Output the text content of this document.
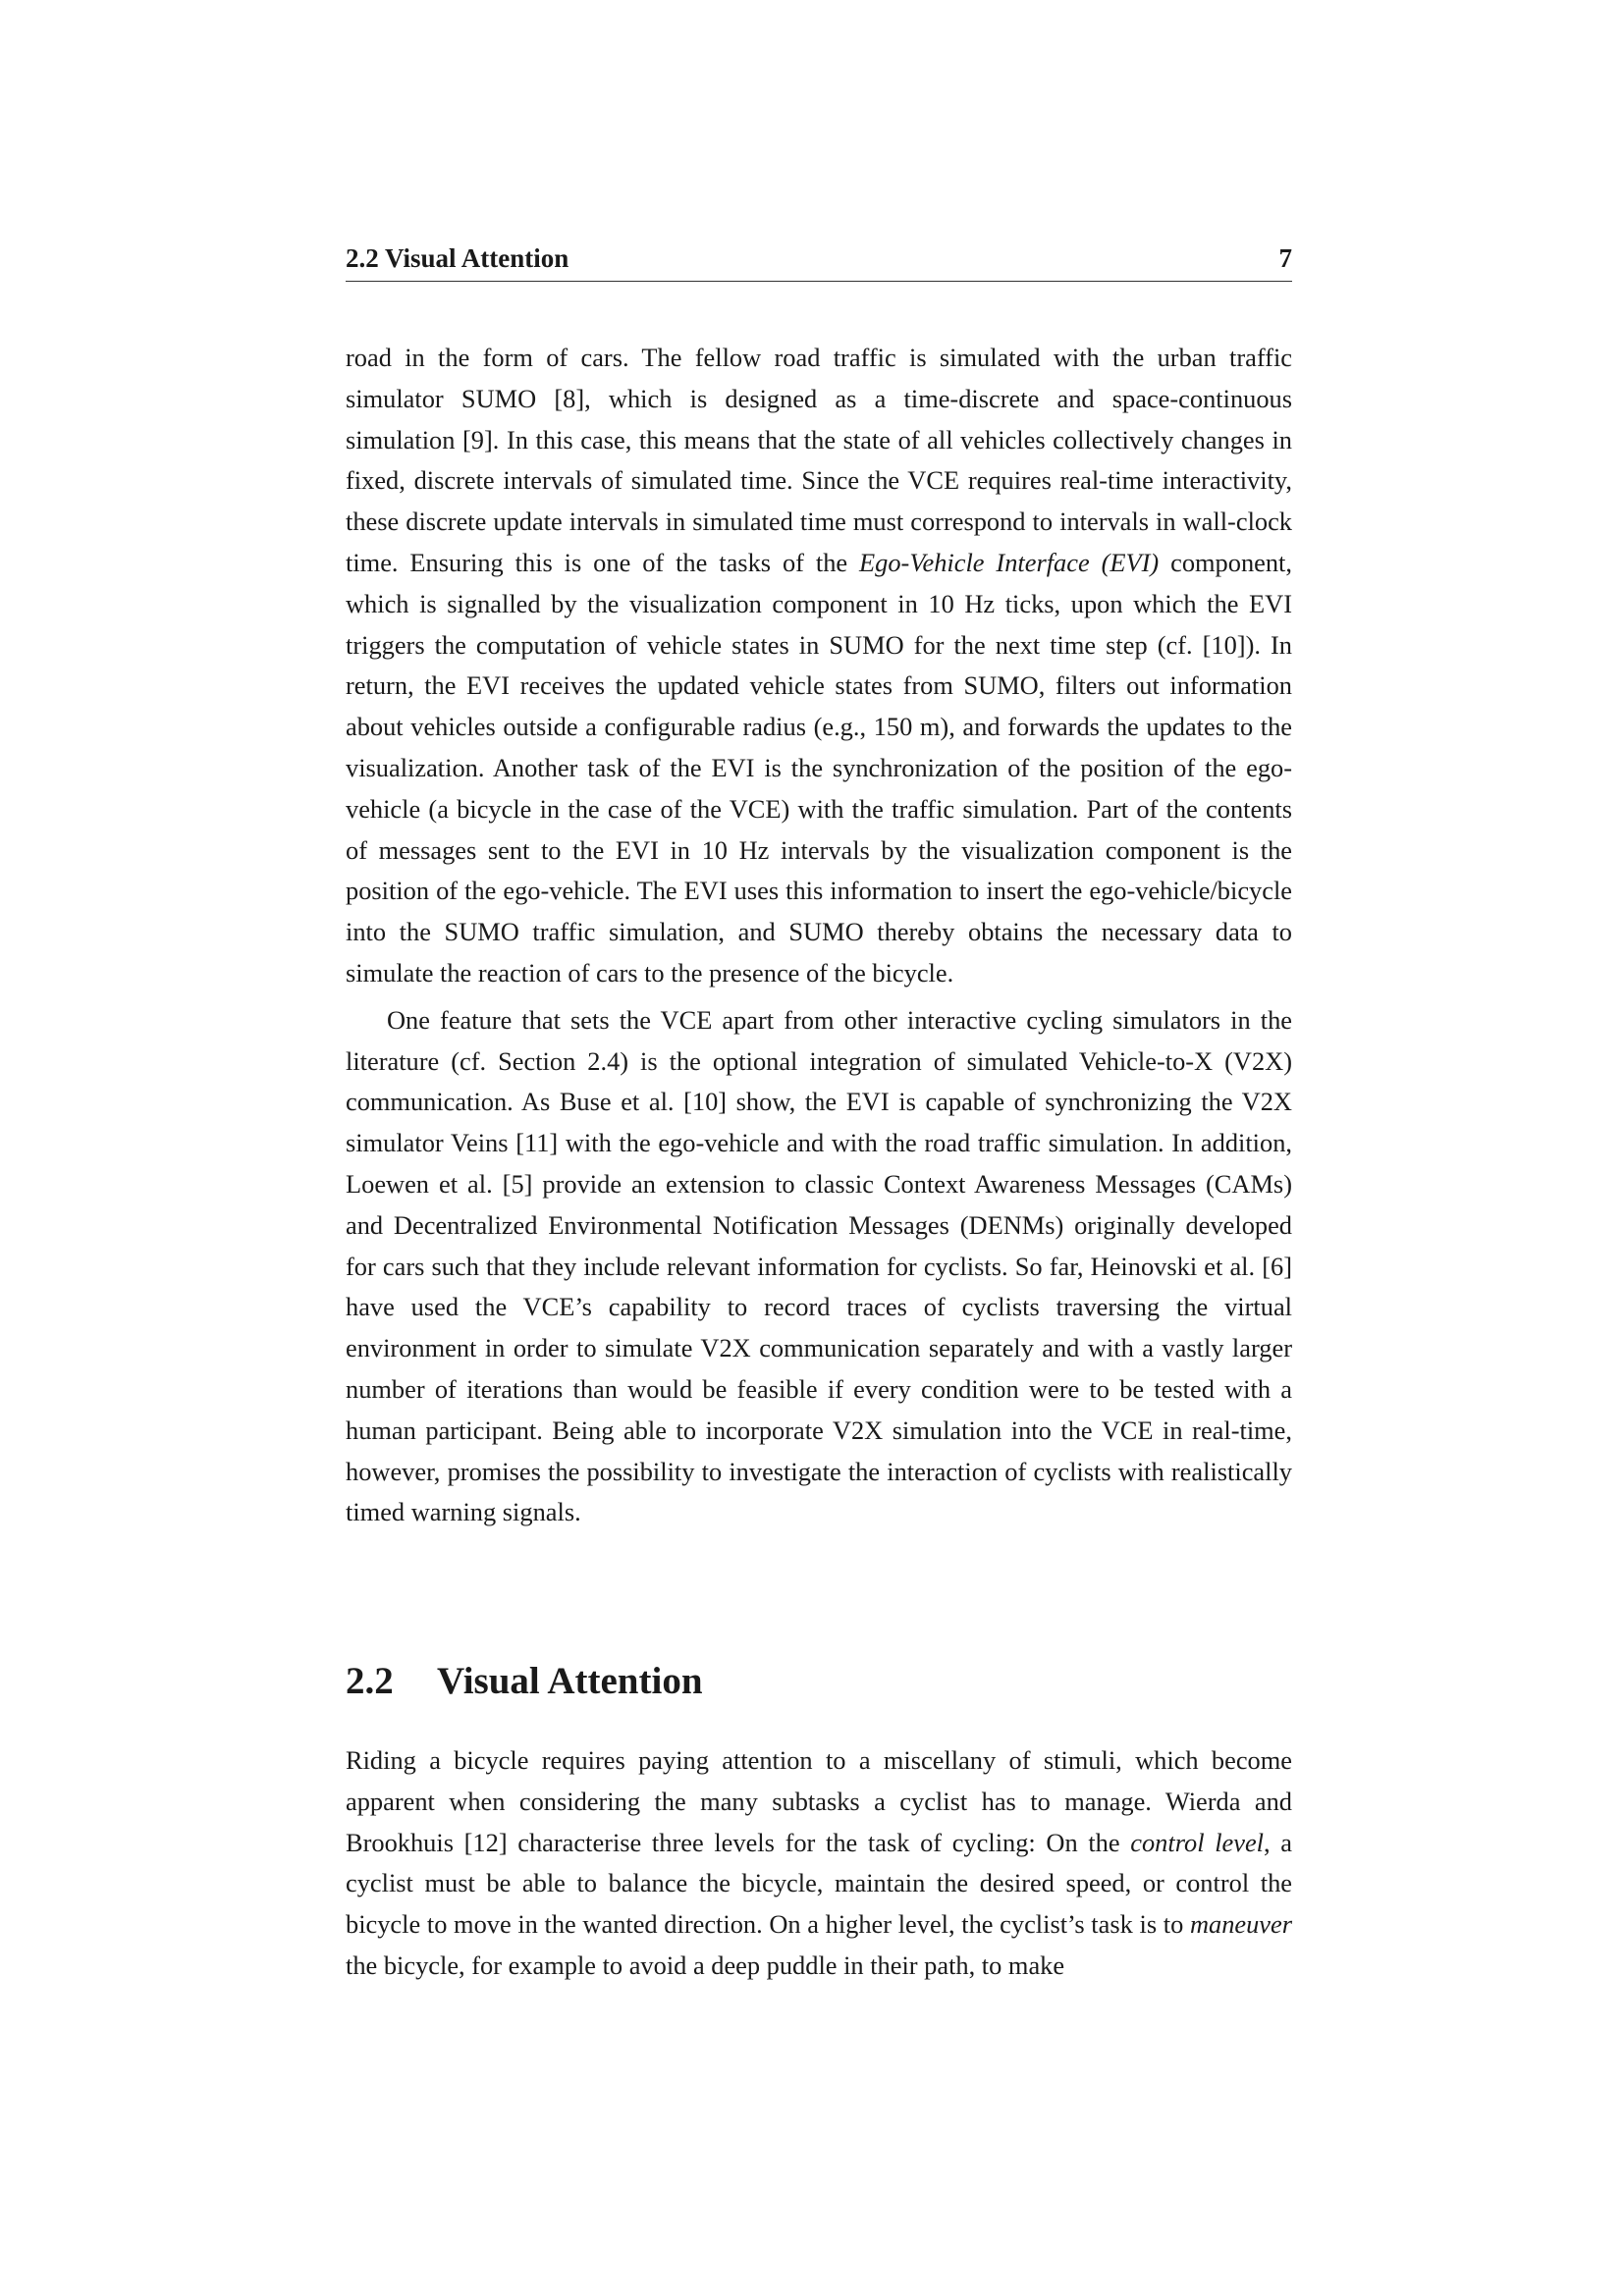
2.2 Visual Attention	7

road in the form of cars. The fellow road traffic is simulated with the urban traffic simulator SUMO [8], which is designed as a time-discrete and space-continuous simulation [9]. In this case, this means that the state of all vehicles collectively changes in fixed, discrete intervals of simulated time. Since the VCE requires real-time interactivity, these discrete update intervals in simulated time must correspond to intervals in wall-clock time. Ensuring this is one of the tasks of the Ego-Vehicle Interface (EVI) component, which is signalled by the visualization component in 10 Hz ticks, upon which the EVI triggers the computation of vehicle states in SUMO for the next time step (cf. [10]). In return, the EVI receives the updated vehicle states from SUMO, filters out information about vehicles outside a configurable radius (e.g., 150 m), and forwards the updates to the visualization. Another task of the EVI is the synchronization of the position of the ego-vehicle (a bicycle in the case of the VCE) with the traffic simulation. Part of the contents of messages sent to the EVI in 10 Hz intervals by the visualization component is the position of the ego-vehicle. The EVI uses this information to insert the ego-vehicle/bicycle into the SUMO traffic simulation, and SUMO thereby obtains the necessary data to simulate the reaction of cars to the presence of the bicycle.

One feature that sets the VCE apart from other interactive cycling simulators in the literature (cf. Section 2.4) is the optional integration of simulated Vehicle-to-X (V2X) communication. As Buse et al. [10] show, the EVI is capable of synchronizing the V2X simulator Veins [11] with the ego-vehicle and with the road traffic simulation. In addition, Loewen et al. [5] provide an extension to classic Context Awareness Messages (CAMs) and Decentralized Environmental Notification Messages (DENMs) originally developed for cars such that they include relevant information for cyclists. So far, Heinovski et al. [6] have used the VCE’s capability to record traces of cyclists traversing the virtual environment in order to simulate V2X communication separately and with a vastly larger number of iterations than would be feasible if every condition were to be tested with a human participant. Being able to incorporate V2X simulation into the VCE in real-time, however, promises the possibility to investigate the interaction of cyclists with realistically timed warning signals.

2.2 Visual Attention

Riding a bicycle requires paying attention to a miscellany of stimuli, which become apparent when considering the many subtasks a cyclist has to manage. Wierda and Brookhuis [12] characterise three levels for the task of cycling: On the control level, a cyclist must be able to balance the bicycle, maintain the desired speed, or control the bicycle to move in the wanted direction. On a higher level, the cyclist’s task is to maneuver the bicycle, for example to avoid a deep puddle in their path, to make
